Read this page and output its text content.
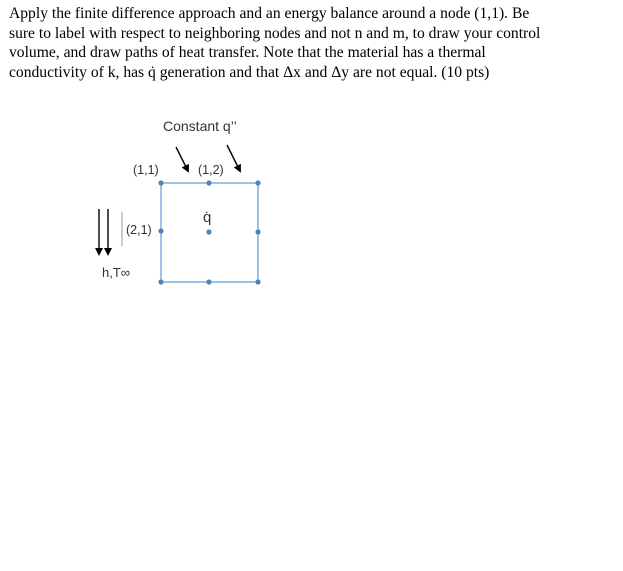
Apply the finite difference approach and an energy balance around a node (1,1). Be
sure to label with respect to neighboring nodes and not n and m, to draw your control
volume, and draw paths of heat transfer. Note that the material has a thermal
conductivity of k, has q̇ generation and that Δx and Δy are not equal. (10 pts)
Constant q’’
(1,1)	(1,2)
(2,1)
q̇
h,T∞
